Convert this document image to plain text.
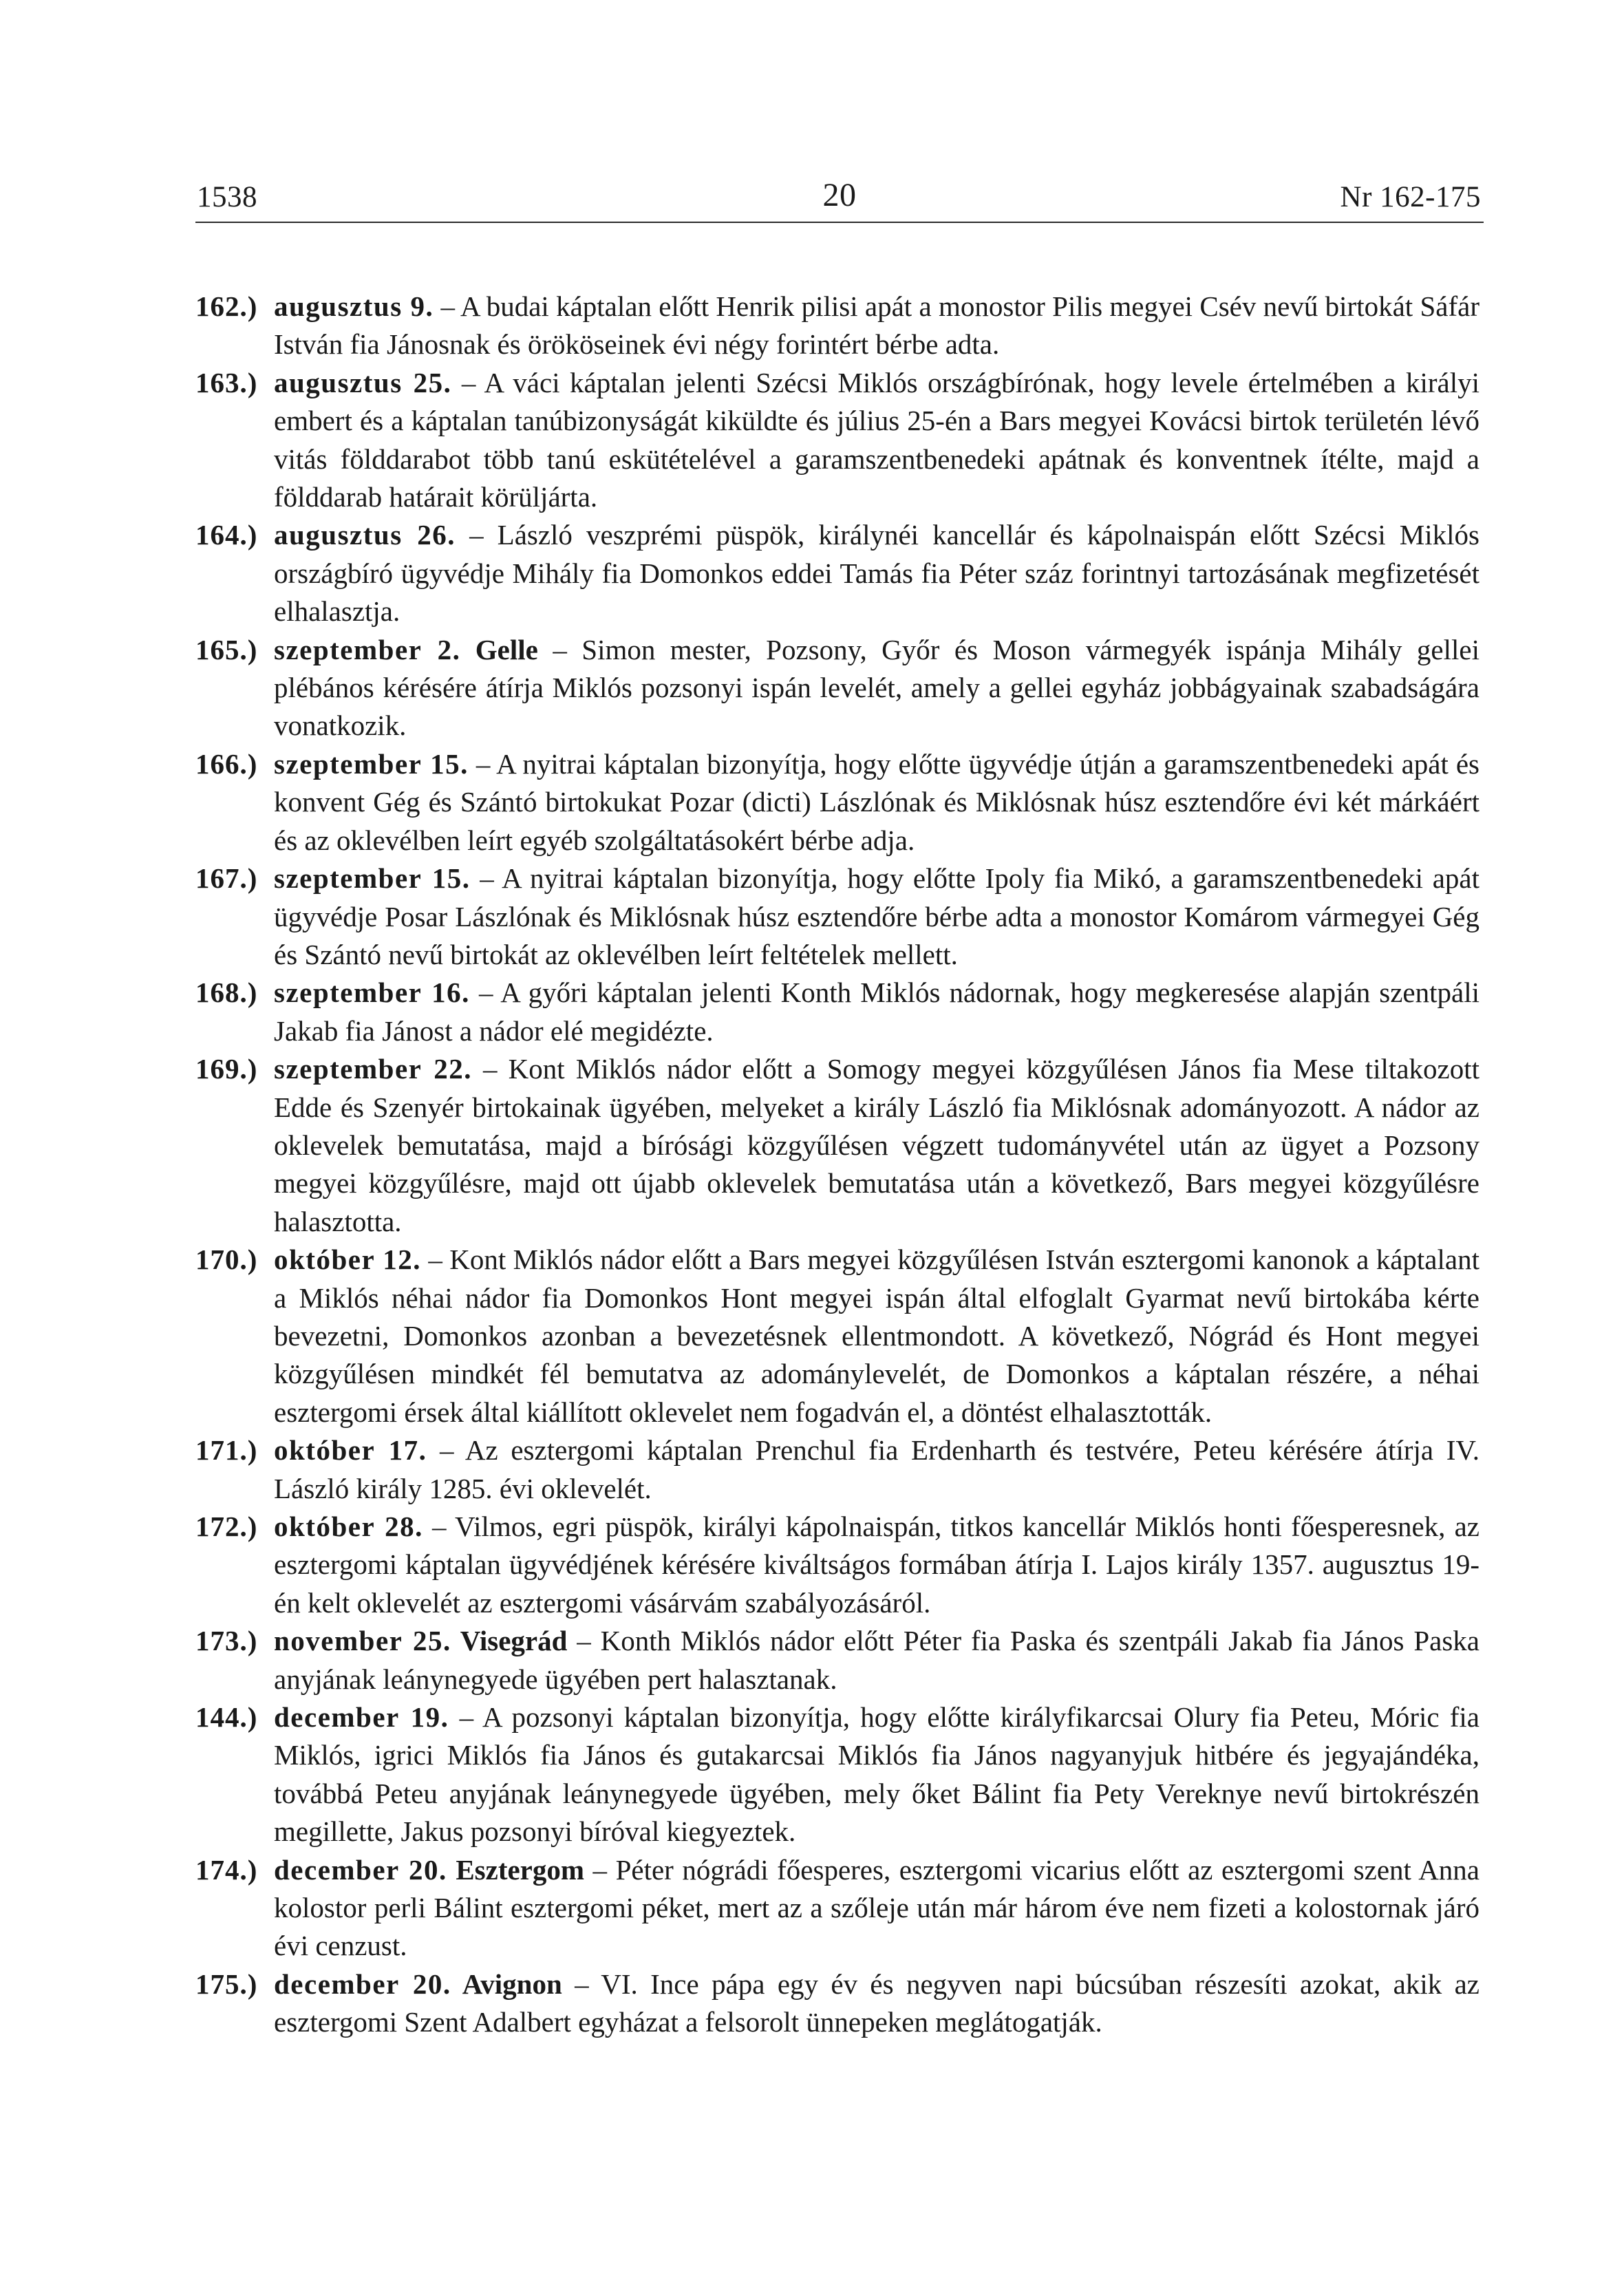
1538	20	Nr 162-175
162.) augusztus 9. – A budai káptalan előtt Henrik pilisi apát a monostor Pilis megyei Csév nevű birtokát Sáfár István fia Jánosnak és örököseinek évi négy forintért bérbe adta.
163.) augusztus 25. – A váci káptalan jelenti Szécsi Miklós országbírónak, hogy levele értelmében a királyi embert és a káptalan tanúbizonyságát kiküldte és július 25-én a Bars megyei Kovácsi birtok területén lévő vitás földdarabot több tanú eskütételével a garamszentbenedeki apátnak és konventnek ítélte, majd a földdarab határait körüljárta.
164.) augusztus 26. – László veszprémi püspök, királynéi kancellár és kápolnaispán előtt Szécsi Miklós országbíró ügyvédje Mihály fia Domonkos eddei Tamás fia Péter száz forintnyi tartozásának megfizetését elhalasztja.
165.) szeptember 2. Gelle – Simon mester, Pozsony, Győr és Moson vármegyék ispánja Mihály gellei plébános kérésére átírja Miklós pozsonyi ispán levelét, amely a gellei egyház jobbágyainak szabadságára vonatkozik.
166.) szeptember 15. – A nyitrai káptalan bizonyítja, hogy előtte ügyvédje útján a garamszentbenedeki apát és konvent Gég és Szántó birtokukat Pozar (dicti) Lászlónak és Miklósnak húsz esztendőre évi két márkáért és az oklevélben leírt egyéb szolgáltatásokért bérbe adja.
167.) szeptember 15. – A nyitrai káptalan bizonyítja, hogy előtte Ipoly fia Mikó, a garamszentbenedeki apát ügyvédje Posar Lászlónak és Miklósnak húsz esztendőre bérbe adta a monostor Komárom vármegyei Gég és Szántó nevű birtokát az oklevélben leírt feltételek mellett.
168.) szeptember 16. – A győri káptalan jelenti Konth Miklós nádornak, hogy megkeresése alapján szentpáli Jakab fia Jánost a nádor elé megidézte.
169.) szeptember 22. – Kont Miklós nádor előtt a Somogy megyei közgyűlésen János fia Mese tiltakozott Edde és Szenyér birtokainak ügyében, melyeket a király László fia Miklósnak adományozott. A nádor az oklevelek bemutatása, majd a bírósági közgyűlésen végzett tudományvétel után az ügyet a Pozsony megyei közgyűlésre, majd ott újabb oklevelek bemutatása után a következő, Bars megyei közgyűlésre halasztotta.
170.) október 12. – Kont Miklós nádor előtt a Bars megyei közgyűlésen István esztergomi kanonok a káptalant a Miklós néhai nádor fia Domonkos Hont megyei ispán által elfoglalt Gyarmat nevű birtokába kérte bevezetni, Domonkos azonban a bevezetésnek ellentmondott. A következő, Nógrád és Hont megyei közgyűlésen mindkét fél bemutatva az adománylevelét, de Domonkos a káptalan részére, a néhai esztergomi érsek által kiállított oklevelet nem fogadván el, a döntést elhalasztották.
171.) október 17. – Az esztergomi káptalan Prenchul fia Erdenharth és testvére, Peteu kérésére átírja IV. László király 1285. évi oklevelét.
172.) október 28. – Vilmos, egri püspök, királyi kápolnaispán, titkos kancellár Miklós honti főesperesnek, az esztergomi káptalan ügyvédjének kérésére kiváltságos formában átírja I. Lajos király 1357. augusztus 19-én kelt oklevelét az esztergomi vásárvám szabályozásáról.
173.) november 25. Visegrád – Konth Miklós nádor előtt Péter fia Paska és szentpáli Jakab fia János Paska anyjának leánynegyede ügyében pert halasztanak.
144.) december 19. – A pozsonyi káptalan bizonyítja, hogy előtte királyfikarcsai Olury fia Peteu, Móric fia Miklós, igrici Miklós fia János és gutakarcsai Miklós fia János nagyanyjuk hitbére és jegyajándéka, továbbá Peteu anyjának leánynegyede ügyében, mely őket Bálint fia Pety Vereknye nevű birtokrészén megillette, Jakus pozsonyi bíróval kiegyeztek.
174.) december 20. Esztergom – Péter nógrádi főesperes, esztergomi vicarius előtt az esztergomi szent Anna kolostor perli Bálint esztergomi péket, mert az a szőleje után már három éve nem fizeti a kolostornak járó évi cenzust.
175.) december 20. Avignon – VI. Ince pápa egy év és negyven napi búcsúban részesíti azokat, akik az esztergomi Szent Adalbert egyházat a felsorolt ünnepeken meglátogatják.
